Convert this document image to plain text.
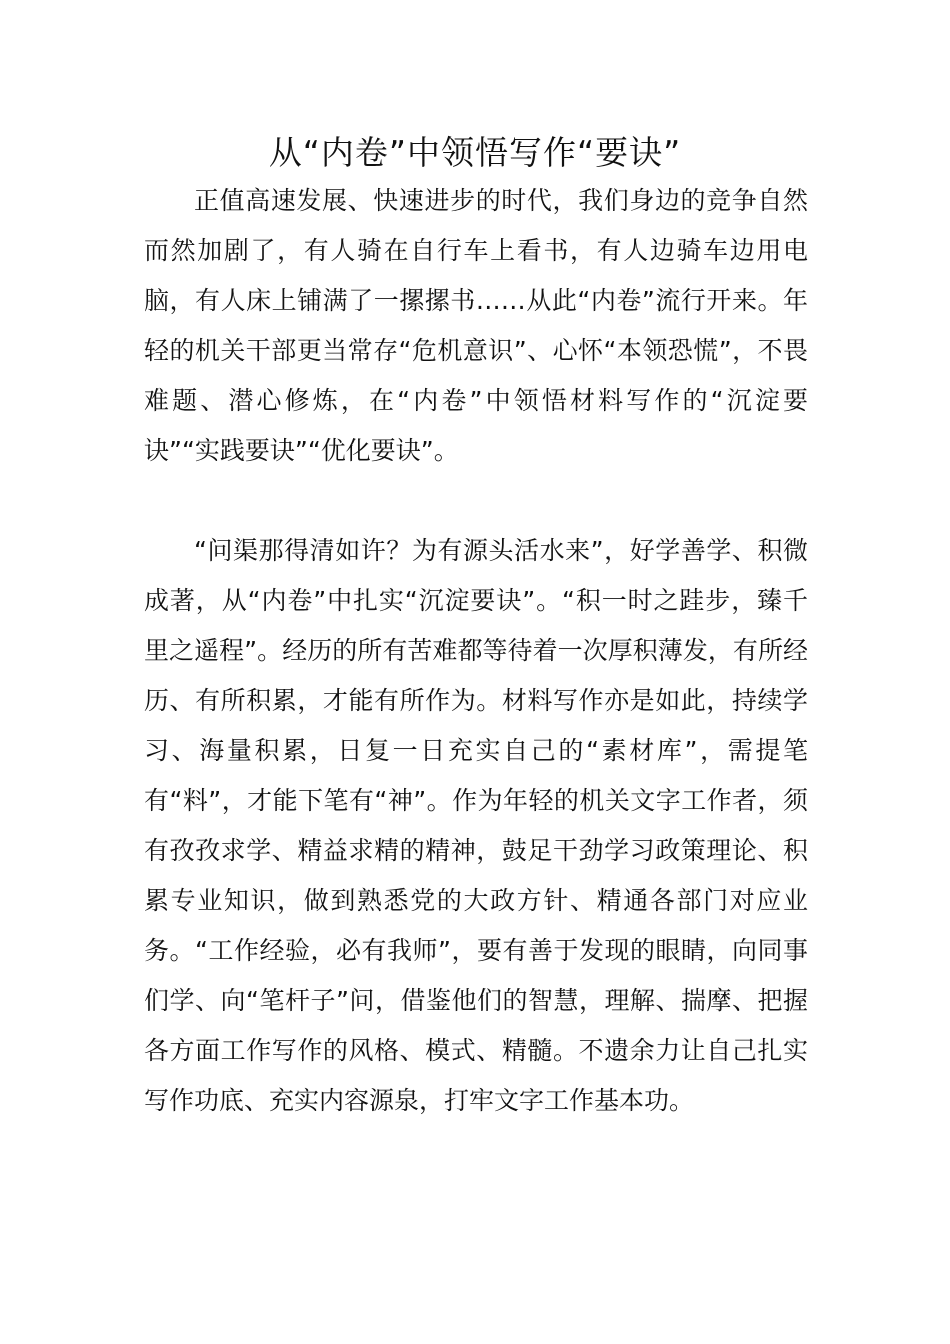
从“内卷”中领悟写作“要诀”

正值高速发展、快速进步的时代，我们身边的竞争自然而然加剧了，有人骑在自行车上看书，有人边骑车边用电脑，有人床上铺满了一摞摞书……从此“内卷”流行开来。年轻的机关干部更当常存“危机意识”、心怀“本领恐慌”，不畏难题、潜心修炼，在“内卷”中领悟材料写作的“沉淀要诀”“实践要诀”“优化要诀”。

“问渠那得清如许？为有源头活水来”，好学善学、积微成著，从“内卷”中扎实“沉淀要诀”。“积一时之跬步，臻千里之遥程”。经历的所有苦难都等待着一次厚积薄发，有所经历、有所积累，才能有所作为。材料写作亦是如此，持续学习、海量积累，日复一日充实自己的“素材库”，需提笔有“料”，才能下笔有“神”。作为年轻的机关文字工作者，须有孜孜求学、精益求精的精神，鼓足干劲学习政策理论、积累专业知识，做到熟悉党的大政方针、精通各部门对应业务。“工作经验，必有我师”，要有善于发现的眼睛，向同事们学、向“笔杆子”问，借鉴他们的智慧，理解、揣摩、把握各方面工作写作的风格、模式、精髓。不遗余力让自己扎实写作功底、充实内容源泉，打牢文字工作基本功。
